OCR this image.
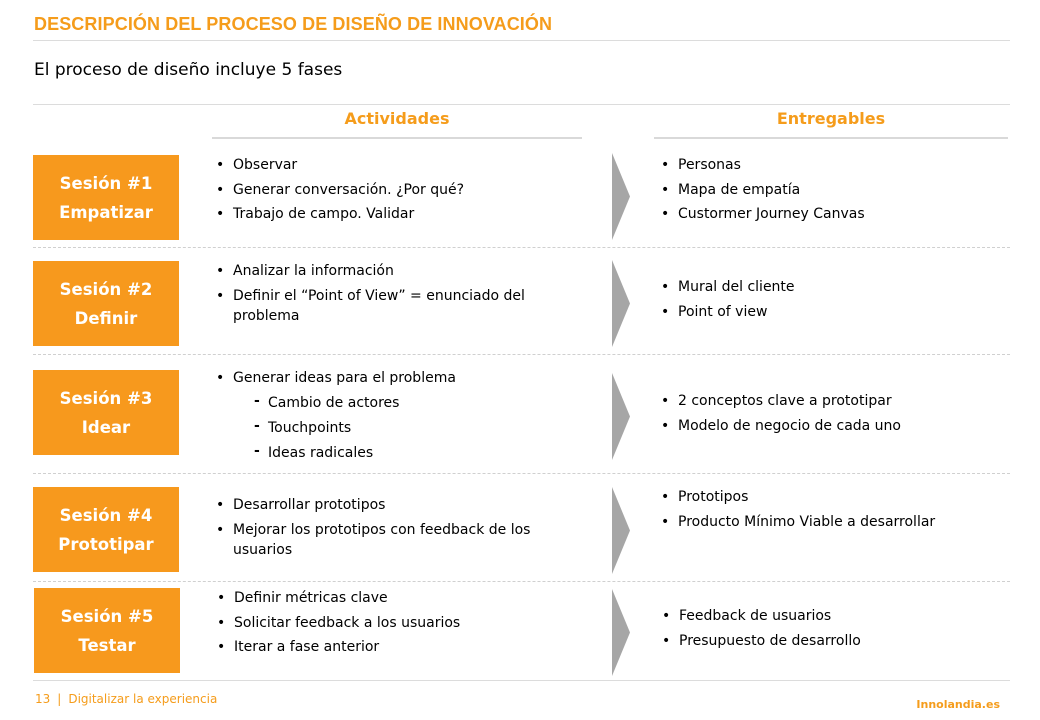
DESCRIPCIÓN DEL PROCESO DE DISEÑO DE INNOVACIÓN
El proceso de diseño incluye 5 fases
Actividades	Entregables
Sesión #1
Empatizar
• Observar
• Generar conversación. ¿Por qué?
• Trabajo de campo. Validar
• Personas
• Mapa de empatía
• Custormer Journey Canvas
Sesión #2
Definir
• Analizar la información
• Definir el “Point of View” = enunciado del problema
• Mural del cliente
• Point of view
Sesión #3
Idear
• Generar ideas para el problema
- Cambio de actores
- Touchpoints
- Ideas radicales
• 2 conceptos clave a prototipar
• Modelo de negocio de cada uno
Sesión #4
Prototipar
• Desarrollar prototipos
• Mejorar los prototipos con feedback de los usuarios
• Prototipos
• Producto Mínimo Viable a desarrollar
Sesión #5
Testar
• Definir métricas clave
• Solicitar feedback a los usuarios
• Iterar a fase anterior
• Feedback de usuarios
• Presupuesto de desarrollo
13 | Digitalizar la experiencia	Innolandia.es
